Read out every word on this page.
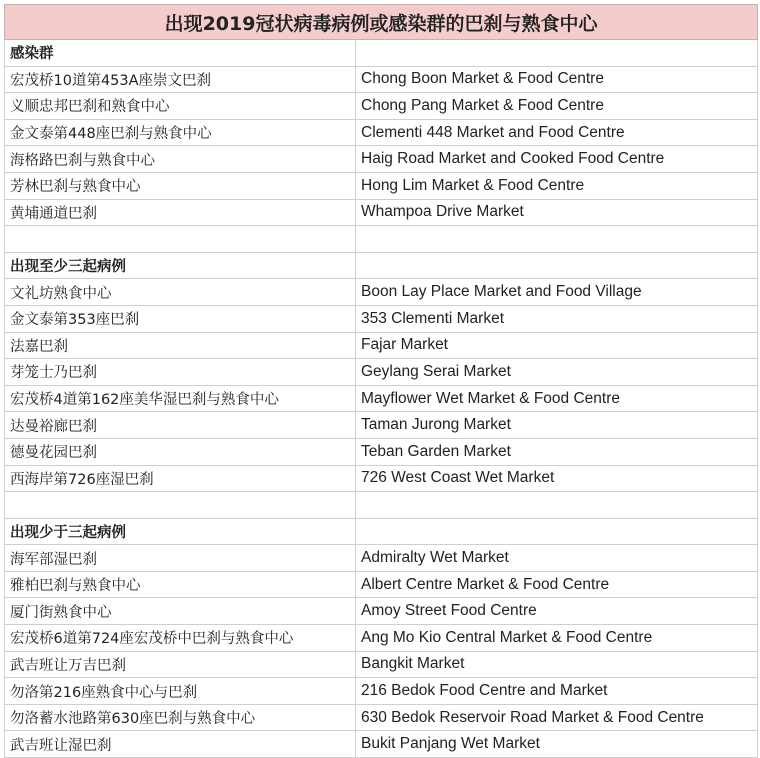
出现2019冠状病毒病例或感染群的巴刹与熟食中心	
感染群	
宏茂桥10道第453A座崇文巴刹	Chong Boon Market & Food Centre
义顺忠邦巴刹和熟食中心	Chong Pang Market & Food Centre
金文泰第448座巴刹与熟食中心	Clementi 448 Market and Food Centre
海格路巴刹与熟食中心	Haig Road Market and Cooked Food Centre
芳林巴刹与熟食中心	Hong Lim Market & Food Centre
黄埔通道巴刹	Whampoa Drive Market

出现至少三起病例	
文礼坊熟食中心	Boon Lay Place Market and Food Village
金文泰第353座巴刹	353 Clementi Market
法嘉巴刹	Fajar Market
芽笼士乃巴刹	Geylang Serai Market
宏茂桥4道第162座美华湿巴刹与熟食中心	Mayflower Wet Market & Food Centre
达曼裕廊巴刹	Taman Jurong Market
德曼花园巴刹	Teban Garden Market
西海岸第726座湿巴刹	726 West Coast Wet Market

出现少于三起病例	
海军部湿巴刹	Admiralty Wet Market
雅柏巴刹与熟食中心	Albert Centre Market & Food Centre
厦门街熟食中心	Amoy Street Food Centre
宏茂桥6道第724座宏茂桥中巴刹与熟食中心	Ang Mo Kio Central Market & Food Centre
武吉班让万吉巴刹	Bangkit Market
勿洛第216座熟食中心与巴刹	216 Bedok Food Centre and Market
勿洛蓄水池路第630座巴刹与熟食中心	630 Bedok Reservoir Road Market & Food Centre
武吉班让湿巴刹	Bukit Panjang Wet Market
